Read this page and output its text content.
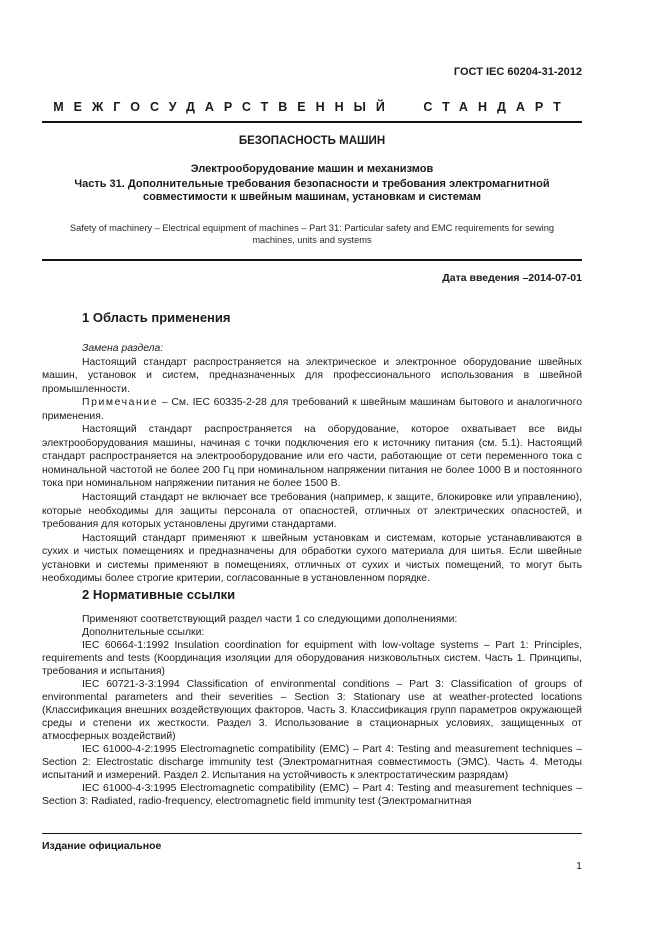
ГОСТ IEC 60204-31-2012
МЕЖГОСУДАРСТВЕННЫЙ СТАНДАРТ
БЕЗОПАСНОСТЬ МАШИН
Электрооборудование машин и механизмов
Часть 31. Дополнительные требования безопасности и требования электромагнитной совместимости к швейным машинам, установкам и системам
Safety of machinery – Electrical equipment of machines – Part 31: Particular safety and EMC requirements for sewing machines, units and systems
Дата введения –2014-07-01
1 Область применения

Замена раздела:

Настоящий стандарт распространяется на электрическое и электронное оборудование швейных машин, установок и систем, предназначенных для профессионального использования в швейной промышленности.

Примечание – См. IEC 60335-2-28 для требований к швейным машинам бытового и аналогичного применения.

Настоящий стандарт распространяется на оборудование, которое охватывает все виды электрооборудования машины, начиная с точки подключения его к источнику питания (см. 5.1). Настоящий стандарт распространяется на электрооборудование или его части, работающие от сети переменного тока с номинальной частотой не более 200 Гц при номинальном напряжении питания не более 1000 В и постоянного тока при номинальном напряжении питания не более 1500 В.

Настоящий стандарт не включает все требования (например, к защите, блокировке или управлению), которые необходимы для защиты персонала от опасностей, отличных от электрических опасностей, и требования для которых установлены другими стандартами.

Настоящий стандарт применяют к швейным установкам и системам, которые устанавливаются в сухих и чистых помещениях и предназначены для обработки сухого материала для шитья. Если швейные установки и системы применяют в помещениях, отличных от сухих и чистых помещений, то могут быть необходимы более строгие критерии, согласованные в установленном порядке.

2 Нормативные ссылки

Применяют соответствующий раздел части 1 со следующими дополнениями:

Дополнительные ссылки:

IEC 60664-1:1992 Insulation coordination for equipment with low-voltage systems – Part 1: Principles, requirements and tests (Координация изоляции для оборудования низковольтных систем. Часть 1. Принципы, требования и испытания)

IEC 60721-3-3:1994 Classification of environmental conditions – Part 3: Classification of groups of environmental parameters and their severities – Section 3: Stationary use at weather-protected locations (Классификация внешних воздействующих факторов. Часть 3. Классификация групп параметров окружающей среды и степени их жесткости. Раздел 3. Использование в стационарных условиях, защищенных от атмосферных воздействий)

IEC 61000-4-2:1995 Electromagnetic compatibility (EMC) – Part 4: Testing and measurement techniques –Section 2: Electrostatic discharge immunity test (Электромагнитная совместимость (ЭМС). Часть 4. Методы испытаний и измерений. Раздел 2. Испытания на устойчивость к электростатическим разрядам)

IEC 61000-4-3:1995 Electromagnetic compatibility (EMC) – Part 4: Testing and measurement techniques – Section 3: Radiated, radio-frequency, electromagnetic field immunity test (Электромагнитная

Издание официальное
1
